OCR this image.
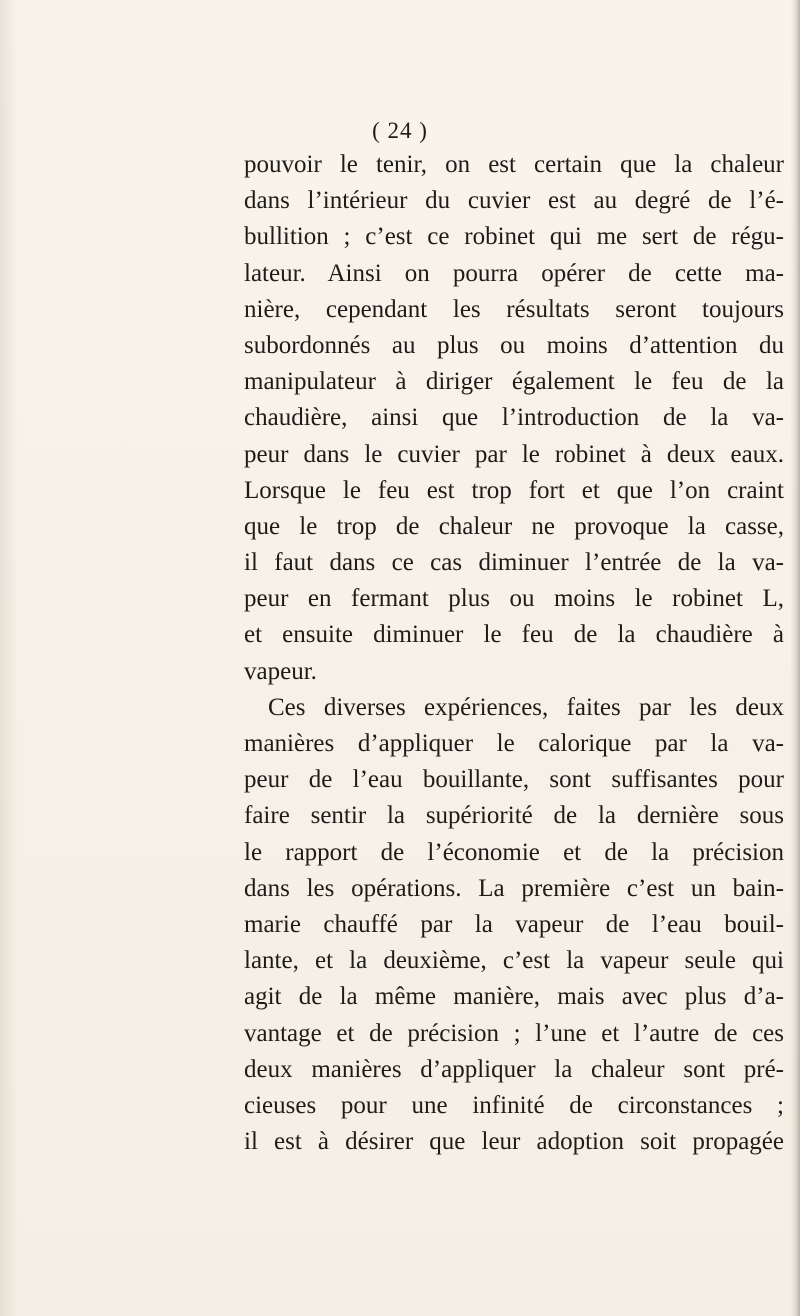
( 24 )
pouvoir le tenir, on est certain que la chaleur
dans l’intérieur du cuvier est au degré de l’é-
bullition ; c’est ce robinet qui me sert de régu-
lateur. Ainsi on pourra opérer de cette ma-
nière, cependant les résultats seront toujours
subordonnés au plus ou moins d’attention du
manipulateur à diriger également le feu de la
chaudière, ainsi que l’introduction de la va-
peur dans le cuvier par le robinet à deux eaux.
Lorsque le feu est trop fort et que l’on craint
que le trop de chaleur ne provoque la casse,
il faut dans ce cas diminuer l’entrée de la va-
peur en fermant plus ou moins le robinet L,
et ensuite diminuer le feu de la chaudière à
vapeur.
Ces diverses expériences, faites par les deux
manières d’appliquer le calorique par la va-
peur de l’eau bouillante, sont suffisantes pour
faire sentir la supériorité de la dernière sous
le rapport de l’économie et de la précision
dans les opérations. La première c’est un bain-
marie chauffé par la vapeur de l’eau bouil-
lante, et la deuxième, c’est la vapeur seule qui
agit de la même manière, mais avec plus d’a-
vantage et de précision ; l’une et l’autre de ces
deux manières d’appliquer la chaleur sont pré-
cieuses pour une infinité de circonstances ;
il est à désirer que leur adoption soit propagée
